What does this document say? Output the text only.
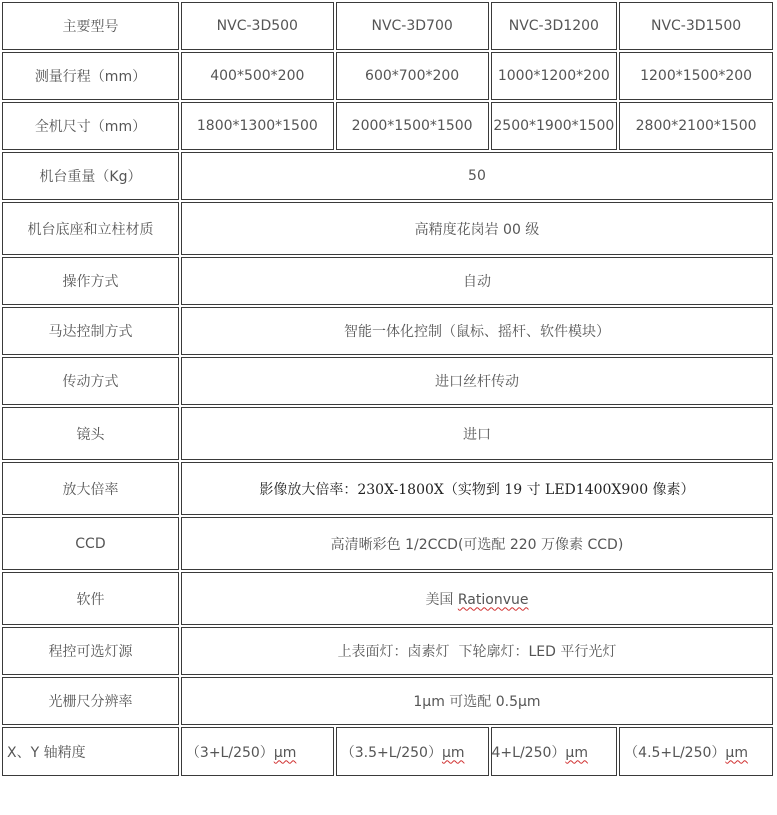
主要型号	NVC-3D500	NVC-3D700	NVC-3D1200	NVC-3D1500
测量行程（mm）	400*500*200	600*700*200	1000*1200*200	1200*1500*200
全机尺寸（mm）	1800*1300*1500	2000*1500*1500	2500*1900*1500	2800*2100*1500
机台重量（Kg）	50			
机台底座和立柱材质	高精度花岗岩 00 级			
操作方式	自动			
马达控制方式	智能一体化控制（鼠标、摇杆、软件模块）			
传动方式	进口丝杆传动			
镜头	进口			
放大倍率	影像放大倍率：230X-1800X（实物到 19 寸 LED1400X900 像素）			
CCD	高清晰彩色 1/2CCD(可选配 220 万像素 CCD)			
软件	美国 Rationvue			
程控可选灯源	上表面灯：卤素灯  下轮廓灯：LED 平行光灯			
光栅尺分辨率	1μm 可选配 0.5μm			
X、Y 轴精度	（3+L/250）μm	（3.5+L/250）μm	4+L/250）μm	（4.5+L/250）μm
